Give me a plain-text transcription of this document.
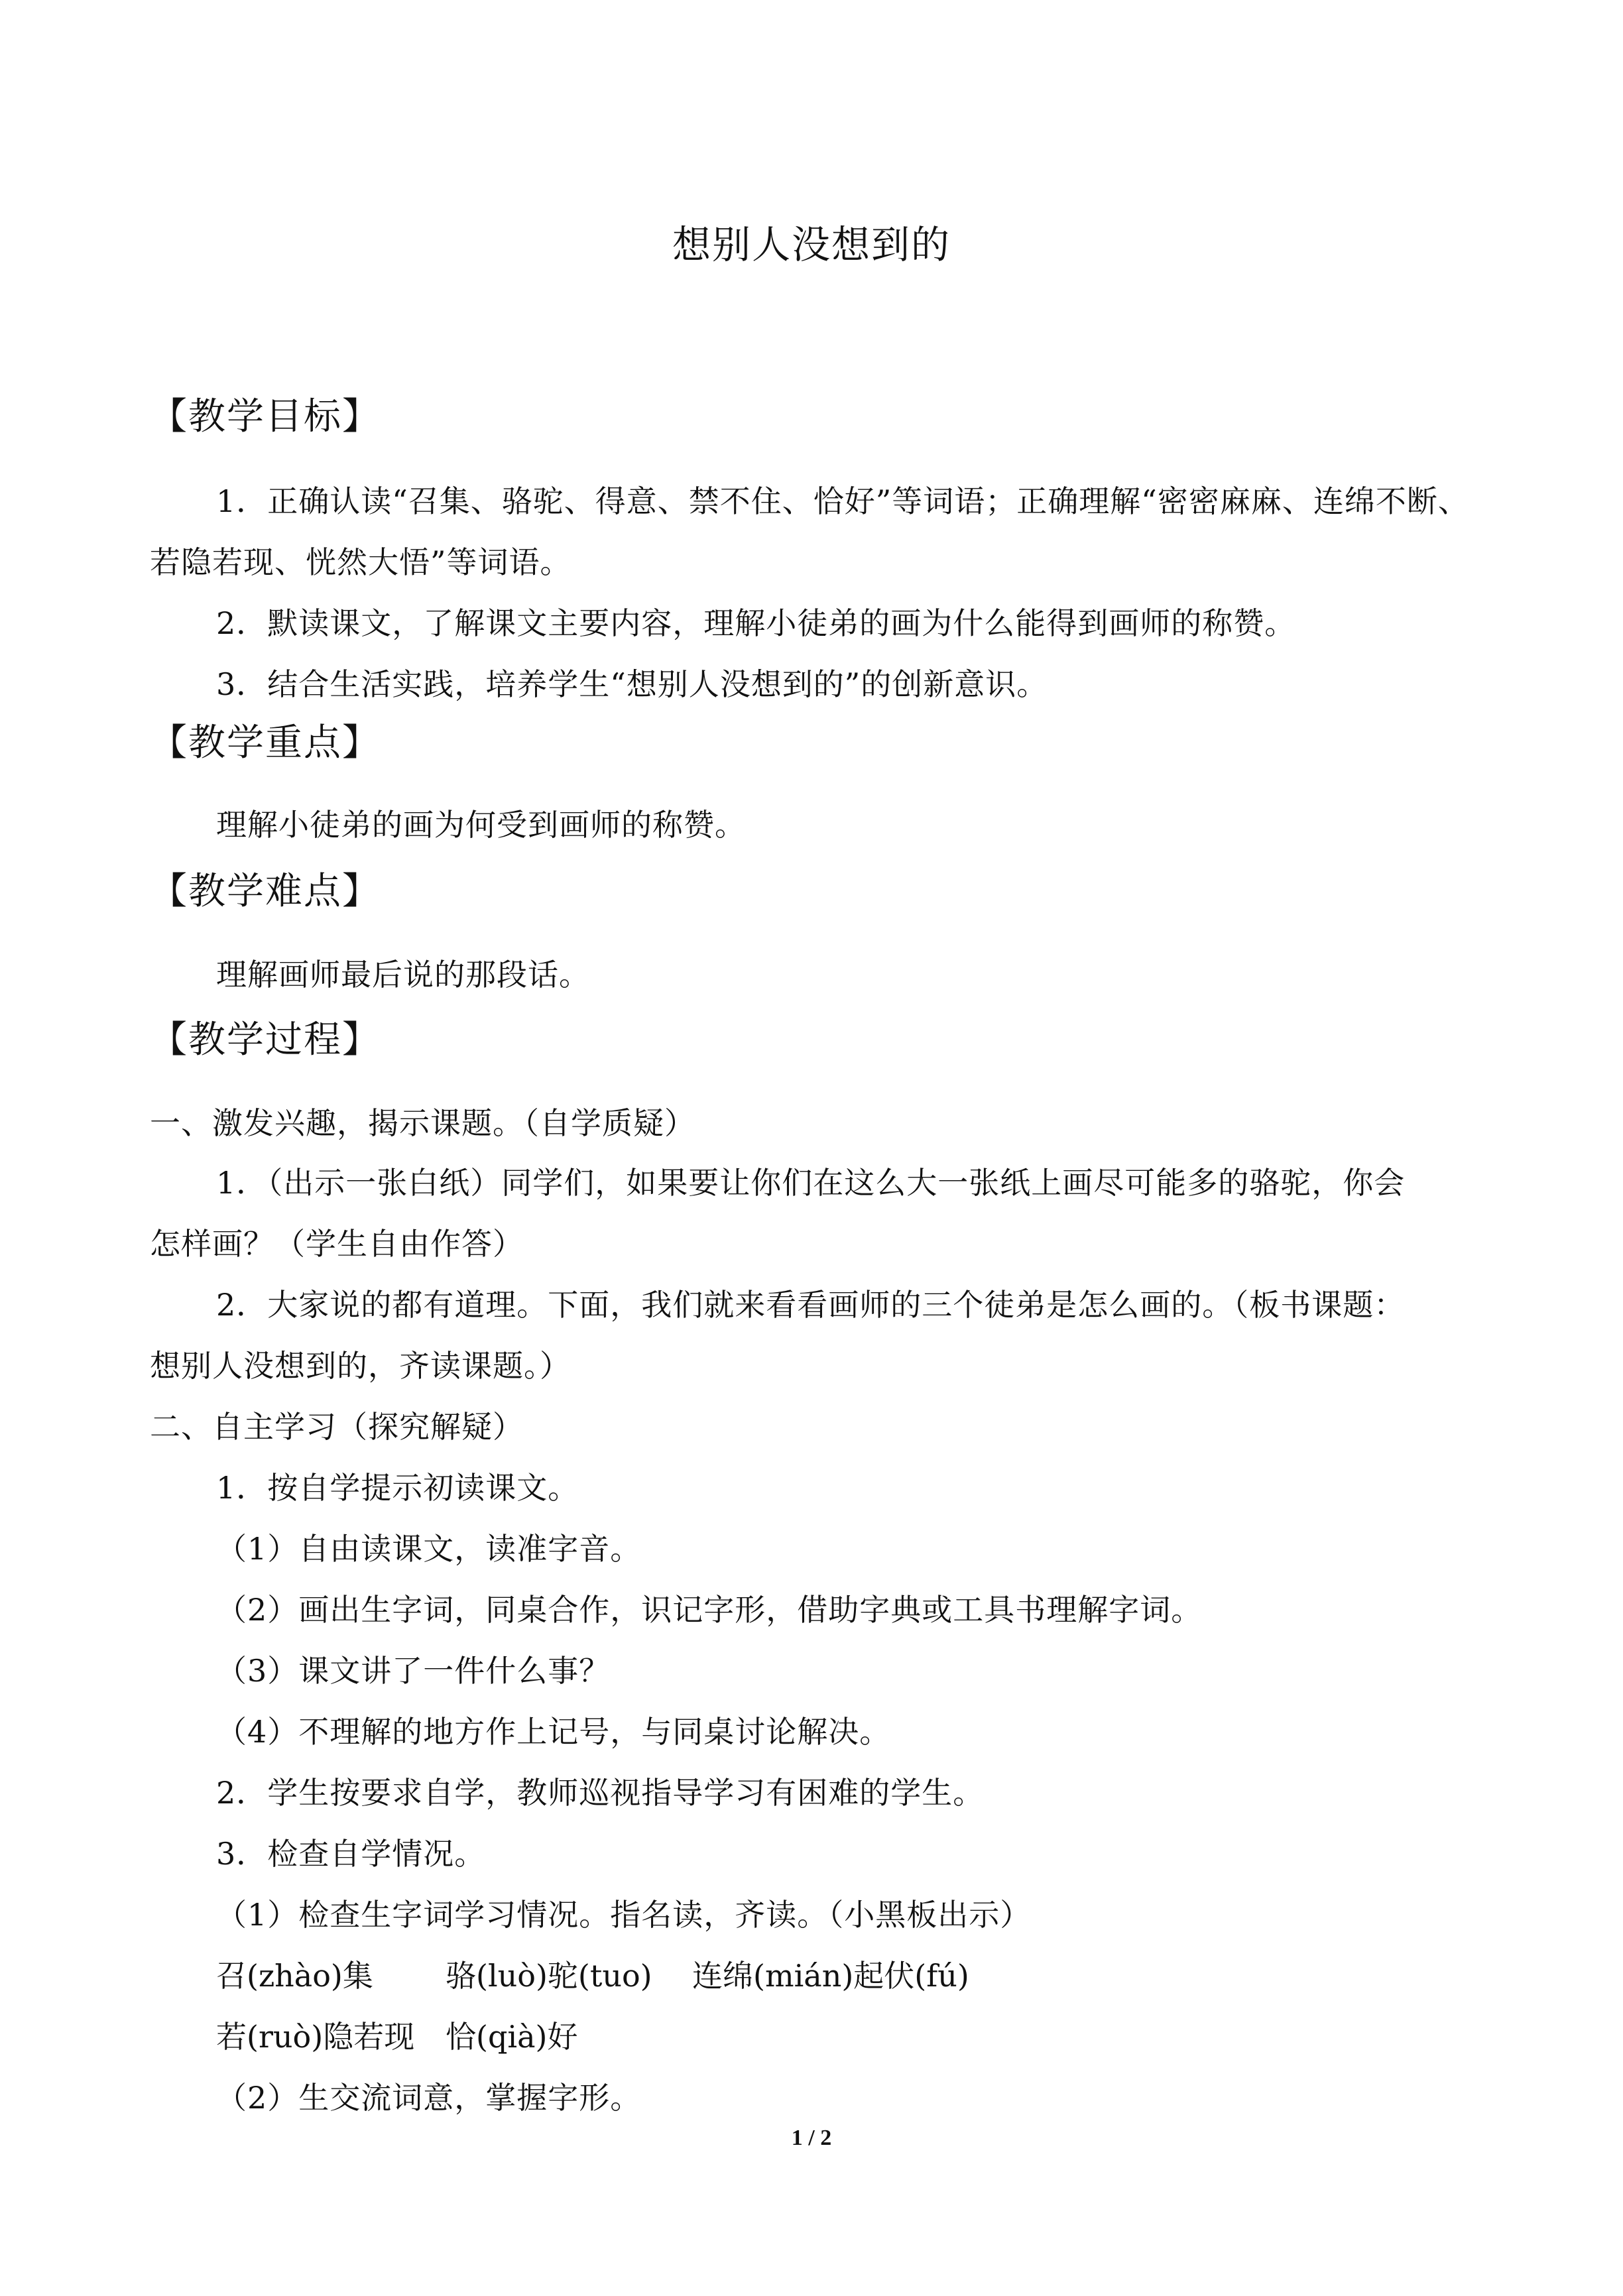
想别人没想到的
【教学目标】
1．正确认读“召集、骆驼、得意、禁不住、恰好”等词语；正确理解“密密麻麻、连绵不断、
若隐若现、恍然大悟”等词语。
2．默读课文，了解课文主要内容，理解小徒弟的画为什么能得到画师的称赞。
3．结合生活实践，培养学生“想别人没想到的”的创新意识。
【教学重点】
理解小徒弟的画为何受到画师的称赞。
【教学难点】
理解画师最后说的那段话。
【教学过程】
一、激发兴趣，揭示课题。（自学质疑）
1．（出示一张白纸）同学们，如果要让你们在这么大一张纸上画尽可能多的骆驼，你会
怎样画？（学生自由作答）
2．大家说的都有道理。下面，我们就来看看画师的三个徒弟是怎么画的。（板书课题：
想别人没想到的，齐读课题。）
二、自主学习（探究解疑）
1．按自学提示初读课文。
（1）自由读课文，读准字音。
（2）画出生字词，同桌合作，识记字形，借助字典或工具书理解字词。
（3）课文讲了一件什么事？
（4）不理解的地方作上记号，与同桌讨论解决。
2．学生按要求自学，教师巡视指导学习有困难的学生。
3．检查自学情况。
（1）检查生字词学习情况。指名读，齐读。（小黑板出示）
召(zhào)集 骆(luò)驼(tuo) 连绵(mián)起伏(fú)
若(ruò)隐若现 恰(qià)好
（2）生交流词意，掌握字形。
1 / 2
